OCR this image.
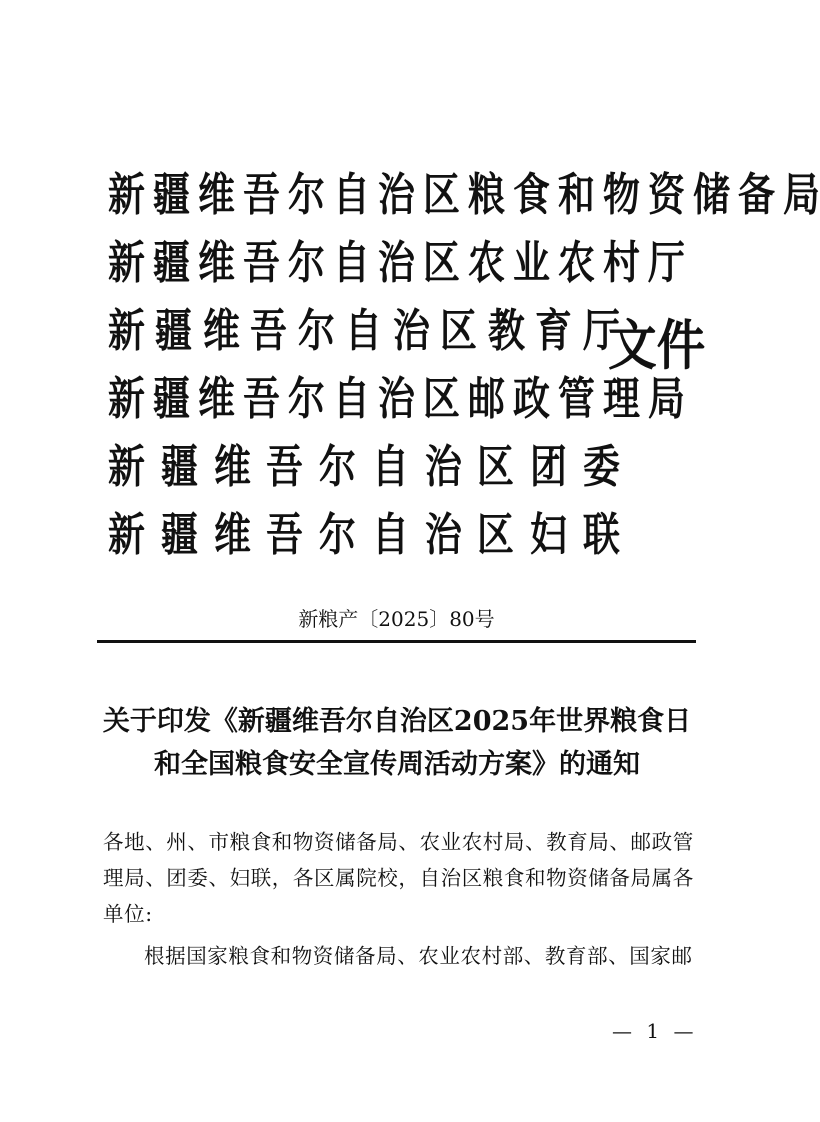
新 疆 维 吾 尔 自 治 区 粮 食 和 物 资 储 备 局
新 疆 维 吾 尔 自 治 区 农 业 农 村 厅
新 疆 维 吾 尔 自 治 区 教 育 厅
新 疆 维 吾 尔 自 治 区 邮 政 管 理 局
新 疆 维 吾 尔 自 治 区 团 委
新 疆 维 吾 尔 自 治 区 妇 联
文件
新粮产〔2025〕80号
关于印发《新疆维吾尔自治区2025年世界粮食日
和全国粮食安全宣传周活动方案》的通知
各地、州、市粮食和物资储备局、农业农村局、教育局、邮政管
理局、团委、妇联，各区属院校，自治区粮食和物资储备局属各
单位:
根据国家粮食和物资储备局、农业农村部、教育部、国家邮
— 1 —
